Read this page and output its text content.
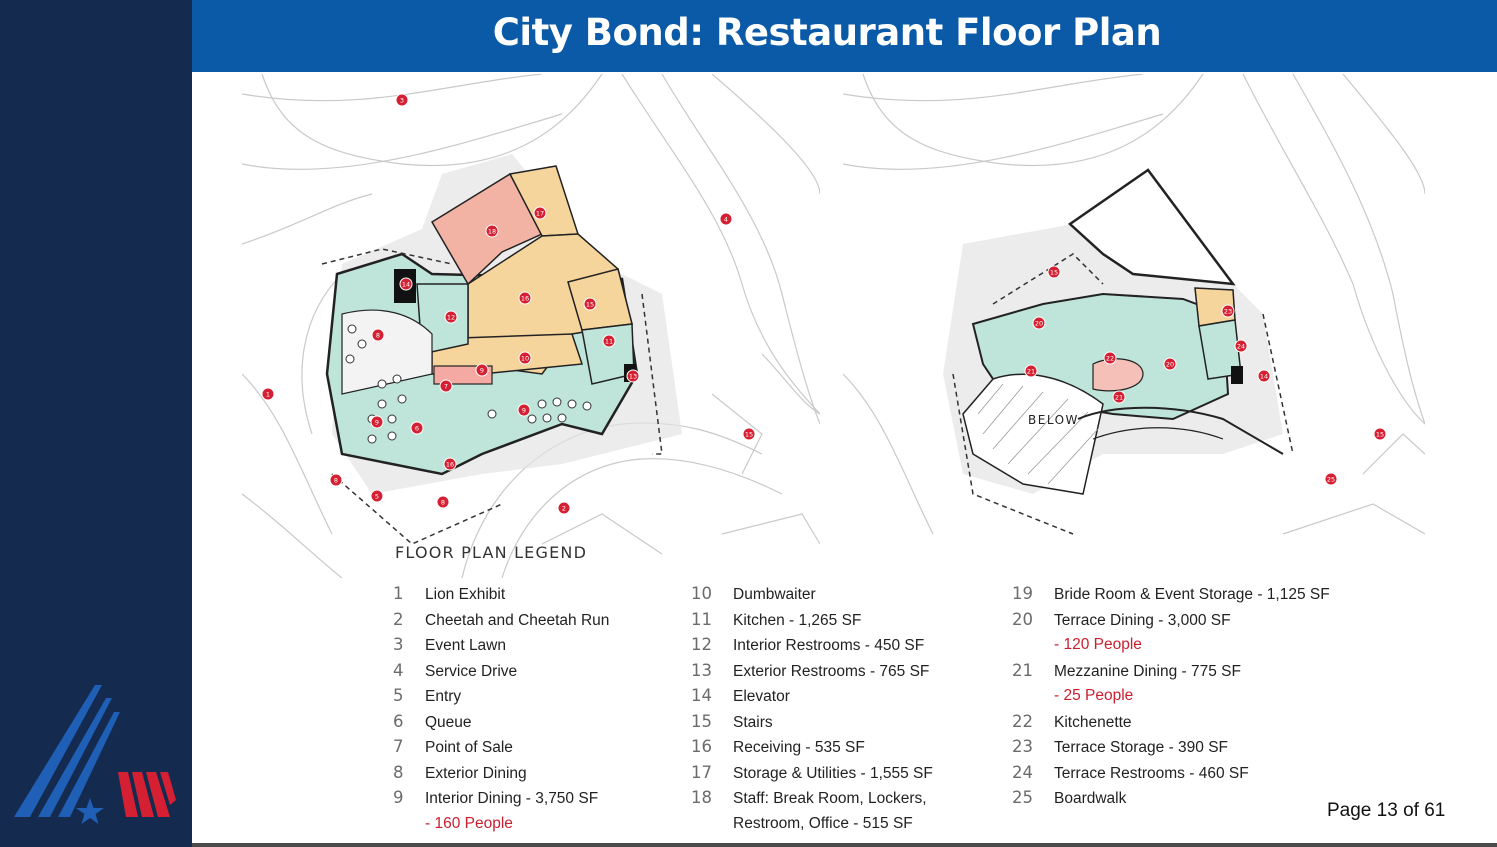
City Bond: Restaurant Floor Plan
1
2
3
4
5
6
7
8
8
8
9
9
9
10
11
12
13
14
15
15
16
16
17
18
BELOW
14
15
15
20
20
21
21
22
23
24
25
FLOOR PLAN LEGEND
1 Lion Exhibit
2 Cheetah and Cheetah Run
3 Event Lawn
4 Service Drive
5 Entry
6 Queue
7 Point of Sale
8 Exterior Dining
9 Interior Dining - 3,750 SF
- 160 People
10 Dumbwaiter
11 Kitchen - 1,265 SF
12 Interior Restrooms - 450 SF
13 Exterior Restrooms - 765 SF
14 Elevator
15 Stairs
16 Receiving - 535 SF
17 Storage & Utilities - 1,555 SF
18 Staff: Break Room, Lockers,
Restroom, Office - 515 SF
19 Bride Room & Event Storage - 1,125 SF
20 Terrace Dining - 3,000 SF
- 120 People
21 Mezzanine Dining - 775 SF
- 25 People
22 Kitchenette
23 Terrace Storage - 390 SF
24 Terrace Restrooms - 460 SF
25 Boardwalk
Page 13 of 61
